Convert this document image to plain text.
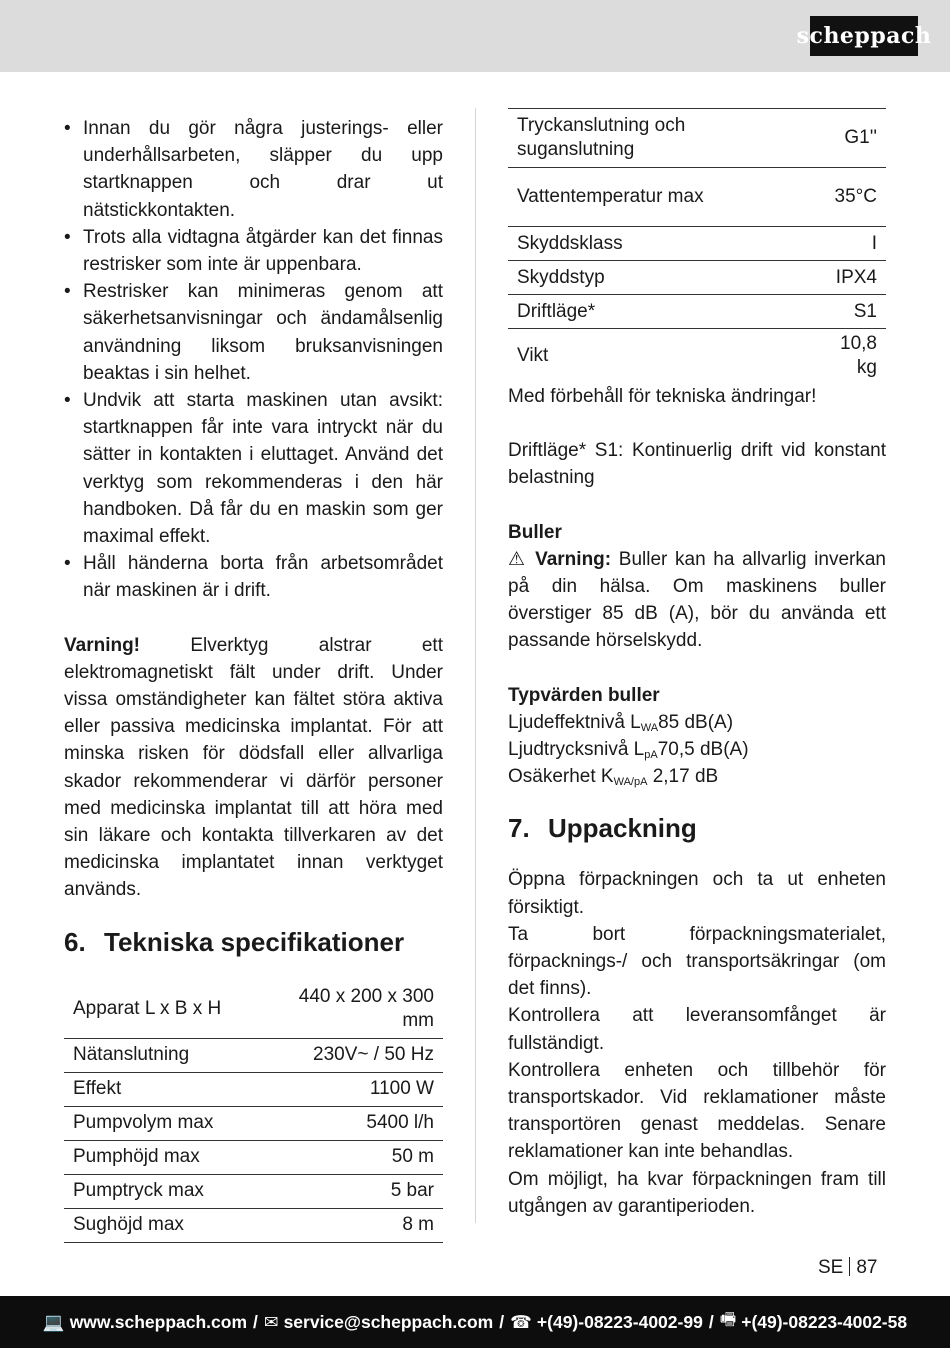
scheppach
• Innan du gör några justerings- eller underhållsarbeten, släpper du upp startknappen och drar ut nätstickkontakten.
• Trots alla vidtagna åtgärder kan det finnas restrisker som inte är uppenbara.
• Restrisker kan minimeras genom att säkerhetsanvisningar och ändamålsenlig användning liksom bruksanvisningen beaktas i sin helhet.
• Undvik att starta maskinen utan avsikt: startknappen får inte vara intryckt när du sätter in kontakten i eluttaget. Använd det verktyg som rekommenderas i den här handboken. Då får du en maskin som ger maximal effekt.
• Håll händerna borta från arbetsområdet när maskinen är i drift.

Varning! Elverktyg alstrar ett elektromagnetiskt fält under drift. Under vissa omständigheter kan fältet störa aktiva eller passiva medicinska implantat. För att minska risken för dödsfall eller allvarliga skador rekommenderar vi därför personer med medicinska implantat till att höra med sin läkare och kontakta tillverkaren av det medicinska implantatet innan verktyget används.

6. Tekniska specifikationer
Apparat L x B x H	440 x 200 x 300 mm
Nätanslutning	230V~ / 50 Hz
Effekt	1100 W
Pumpvolym max	5400 l/h
Pumphöjd max	50 m
Pumptryck max	5 bar
Sughöjd max	8 m
Tryckanslutning och suganslutning	G1''
Vattentemperatur max	35°C
Skyddsklass	I
Skyddstyp	IPX4
Driftläge*	S1
Vikt	10,8 kg

Med förbehåll för tekniska ändringar!

Driftläge* S1: Kontinuerlig drift vid konstant belastning

Buller

⚠ Varning: Buller kan ha allvarlig inverkan på din hälsa. Om maskinens buller överstiger 85 dB (A), bör du använda ett passande hörselskydd.

Typvärden buller

Ljudeffektnivå $L_{WA}85$ dB(A)
Ljudtrycksnivå $L_{pA}70,5$ dB(A)
Osäkerhet $K_{WA/pA}$ 2,17 dB
7. Uppackning

Öppna förpackningen och ta ut enheten försiktigt.

Ta bort förpackningsmaterialet, förpacknings-/ och transportsäkringar (om det finns).

Kontrollera att leveransomfånget är fullständigt.

Kontrollera enheten och tillbehör för transportskador. Vid reklamationer måste transportören genast meddelas. Senare reklamationer kan inte behandlas.

Om möjligt, ha kvar förpackningen fram till utgången av garantiperioden.

SE 87
💻 www.scheppach.com / ✉ service@scheppach.com / ☎ +(49)-08223-4002-99 / 🖷 +(49)-08223-4002-58
